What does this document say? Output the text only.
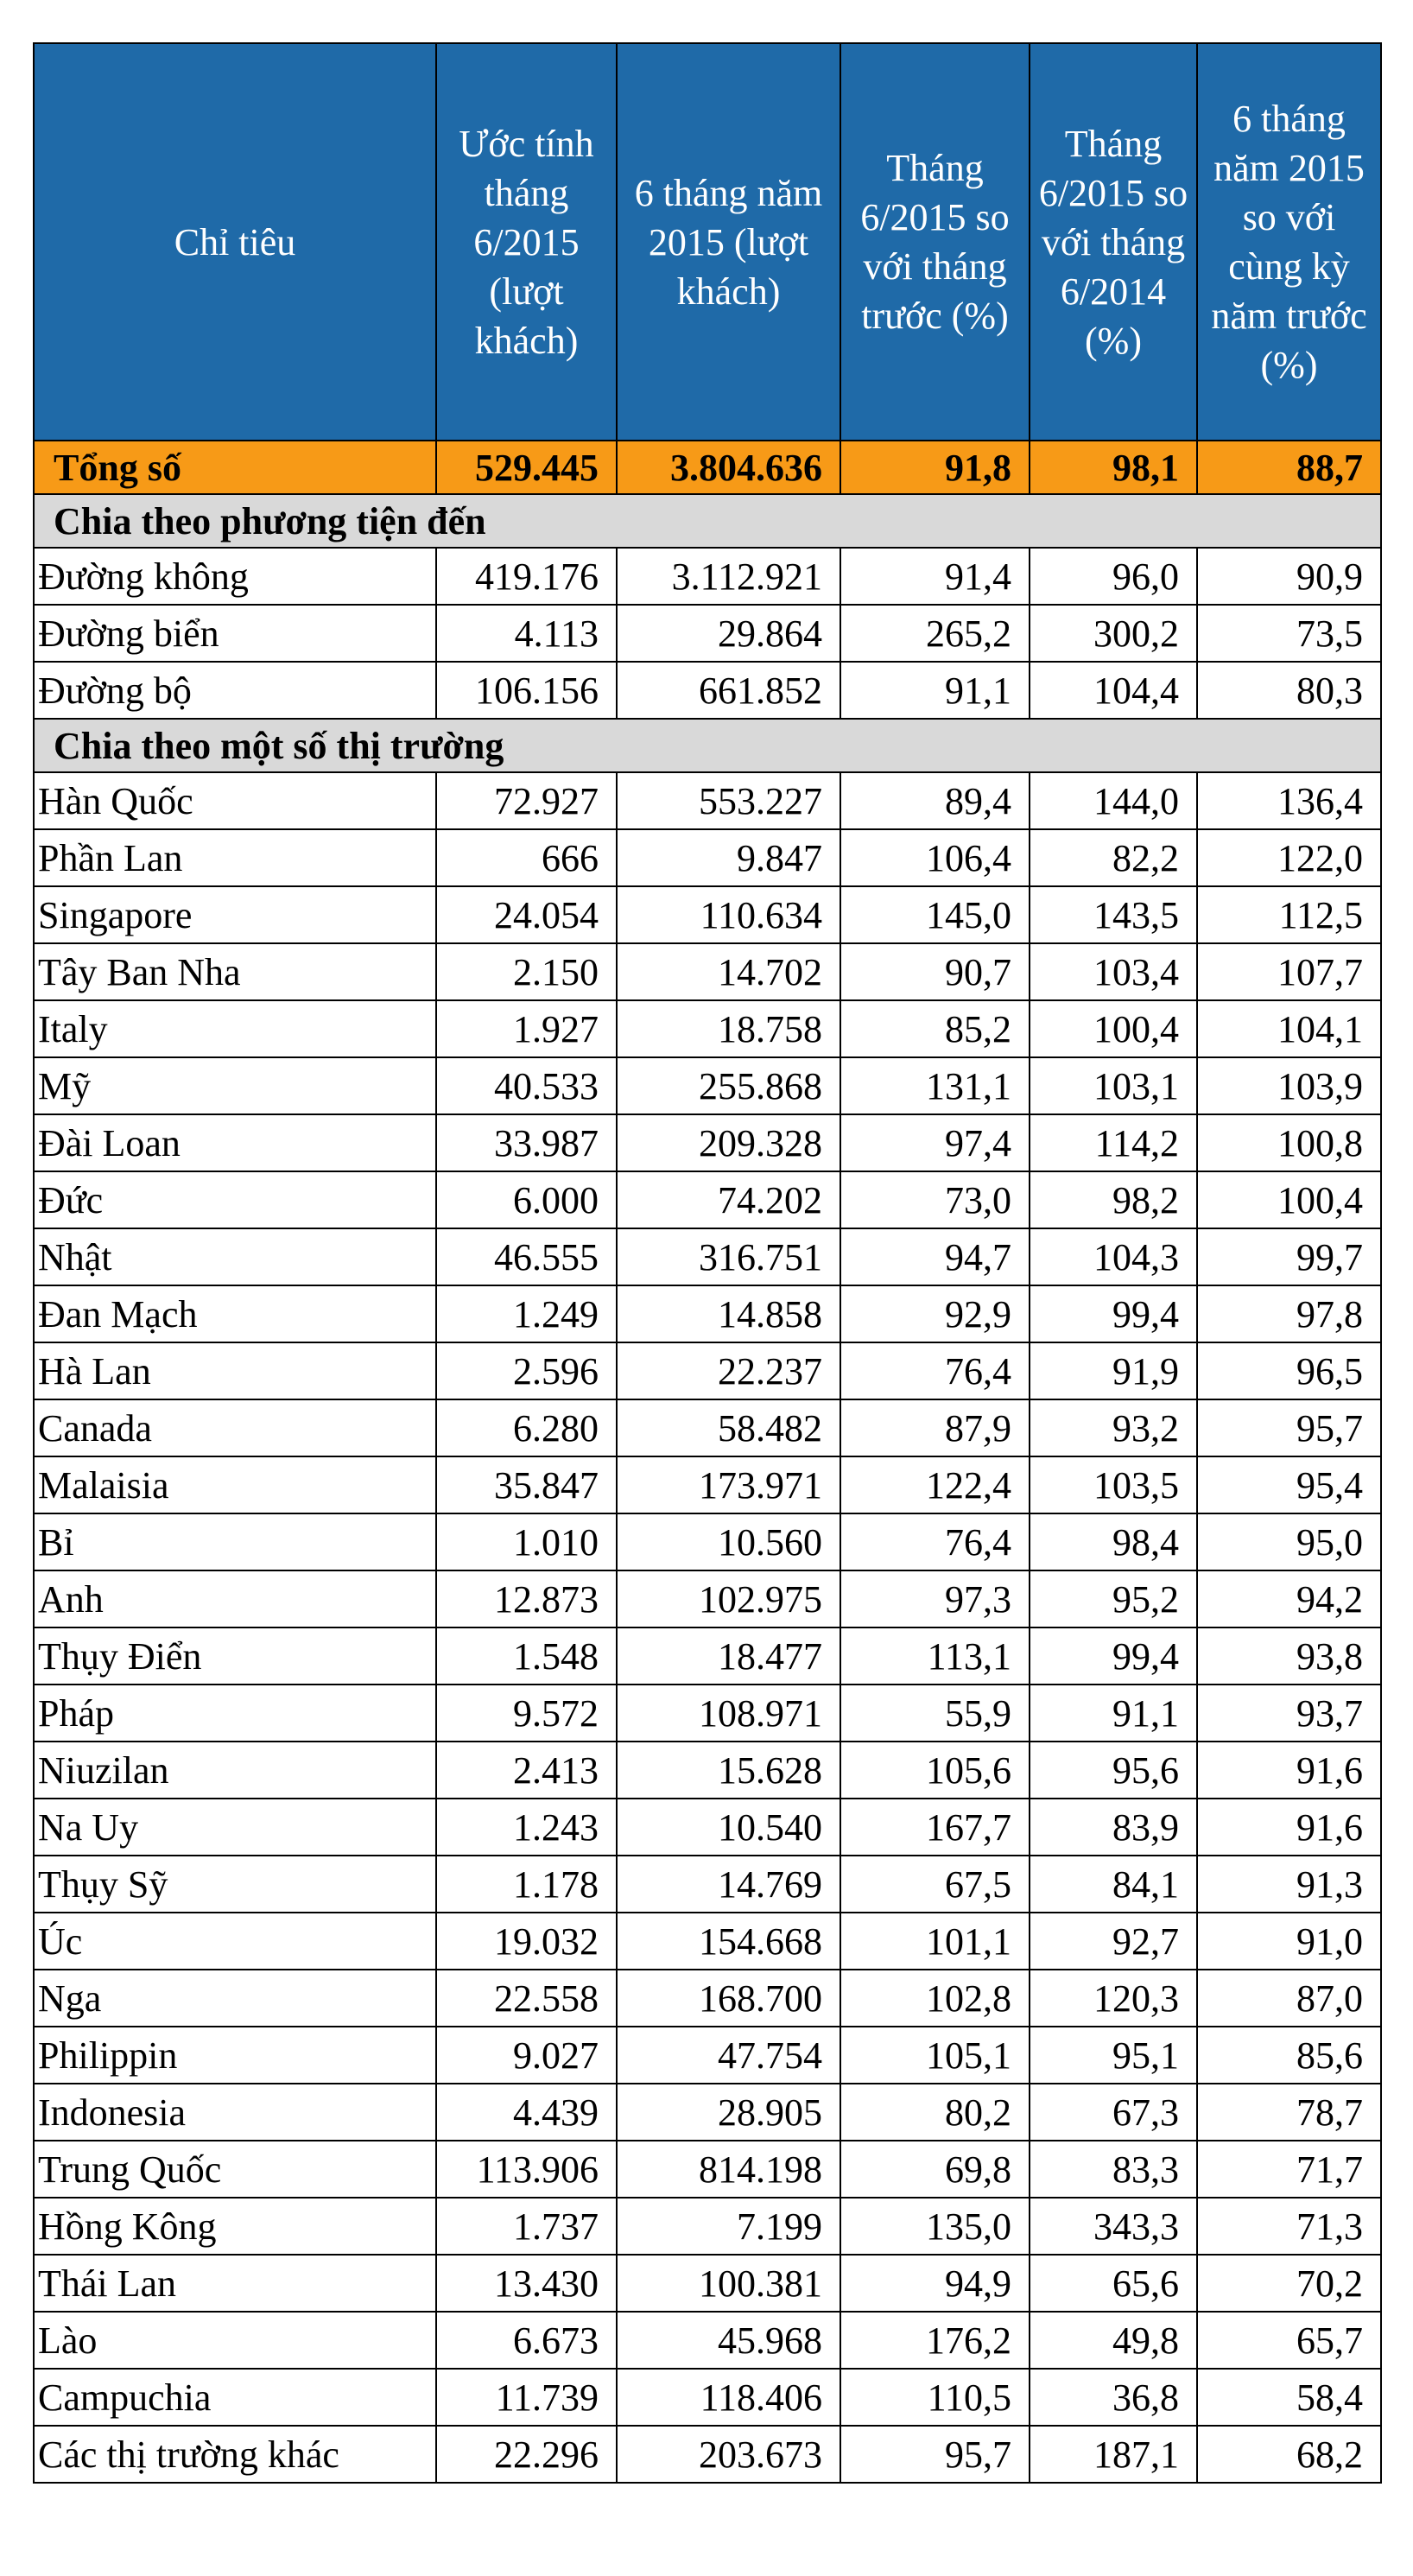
Chỉ tiêu	Ước tính tháng 6/2015 (lượt khách)	6 tháng năm 2015 (lượt khách)	Tháng 6/2015 so với tháng trước (%)	Tháng 6/2015 so với tháng 6/2014 (%)	6 tháng năm 2015 so với cùng kỳ năm trước (%)
Tổng số	529.445	3.804.636	91,8	98,1	88,7
Chia theo phương tiện đến					
Đường không	419.176	3.112.921	91,4	96,0	90,9
Đường biển	4.113	29.864	265,2	300,2	73,5
Đường bộ	106.156	661.852	91,1	104,4	80,3
Chia theo một số thị trường					
Hàn Quốc	72.927	553.227	89,4	144,0	136,4
Phần Lan	666	9.847	106,4	82,2	122,0
Singapore	24.054	110.634	145,0	143,5	112,5
Tây Ban Nha	2.150	14.702	90,7	103,4	107,7
Italy	1.927	18.758	85,2	100,4	104,1
Mỹ	40.533	255.868	131,1	103,1	103,9
Đài Loan	33.987	209.328	97,4	114,2	100,8
Đức	6.000	74.202	73,0	98,2	100,4
Nhật	46.555	316.751	94,7	104,3	99,7
Đan Mạch	1.249	14.858	92,9	99,4	97,8
Hà Lan	2.596	22.237	76,4	91,9	96,5
Canada	6.280	58.482	87,9	93,2	95,7
Malaisia	35.847	173.971	122,4	103,5	95,4
Bỉ	1.010	10.560	76,4	98,4	95,0
Anh	12.873	102.975	97,3	95,2	94,2
Thụy Điển	1.548	18.477	113,1	99,4	93,8
Pháp	9.572	108.971	55,9	91,1	93,7
Niuzilan	2.413	15.628	105,6	95,6	91,6
Na Uy	1.243	10.540	167,7	83,9	91,6
Thụy Sỹ	1.178	14.769	67,5	84,1	91,3
Úc	19.032	154.668	101,1	92,7	91,0
Nga	22.558	168.700	102,8	120,3	87,0
Philippin	9.027	47.754	105,1	95,1	85,6
Indonesia	4.439	28.905	80,2	67,3	78,7
Trung Quốc	113.906	814.198	69,8	83,3	71,7
Hồng Kông	1.737	7.199	135,0	343,3	71,3
Thái Lan	13.430	100.381	94,9	65,6	70,2
Lào	6.673	45.968	176,2	49,8	65,7
Campuchia	11.739	118.406	110,5	36,8	58,4
Các thị trường khác	22.296	203.673	95,7	187,1	68,2
